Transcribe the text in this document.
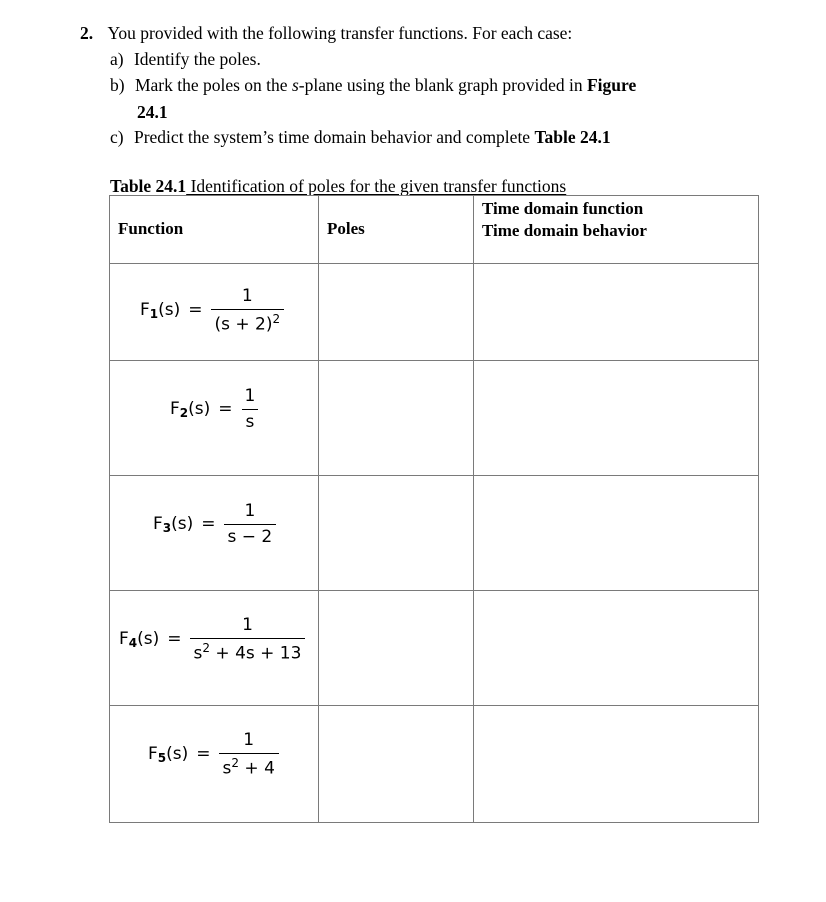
2. You provided with the following transfer functions. For each case:
a) Identify the poles.
b) Mark the poles on the s-plane using the blank graph provided in Figure
24.1
c) Predict the system’s time domain behavior and complete Table 24.1
Table 24.1 Identification of poles for the given transfer functions
Function	Poles	Time domain function
Time domain behavior

$F_1(s) = \frac{1}{(s + 2)^2}$

$F_2(s) = \frac{1}{s}$

$F_3(s) = \frac{1}{s - 2}$

$F_4(s) = \frac{1}{s^2 + 4s + 13}$

$F_5(s) = \frac{1}{s^2 + 4}$
